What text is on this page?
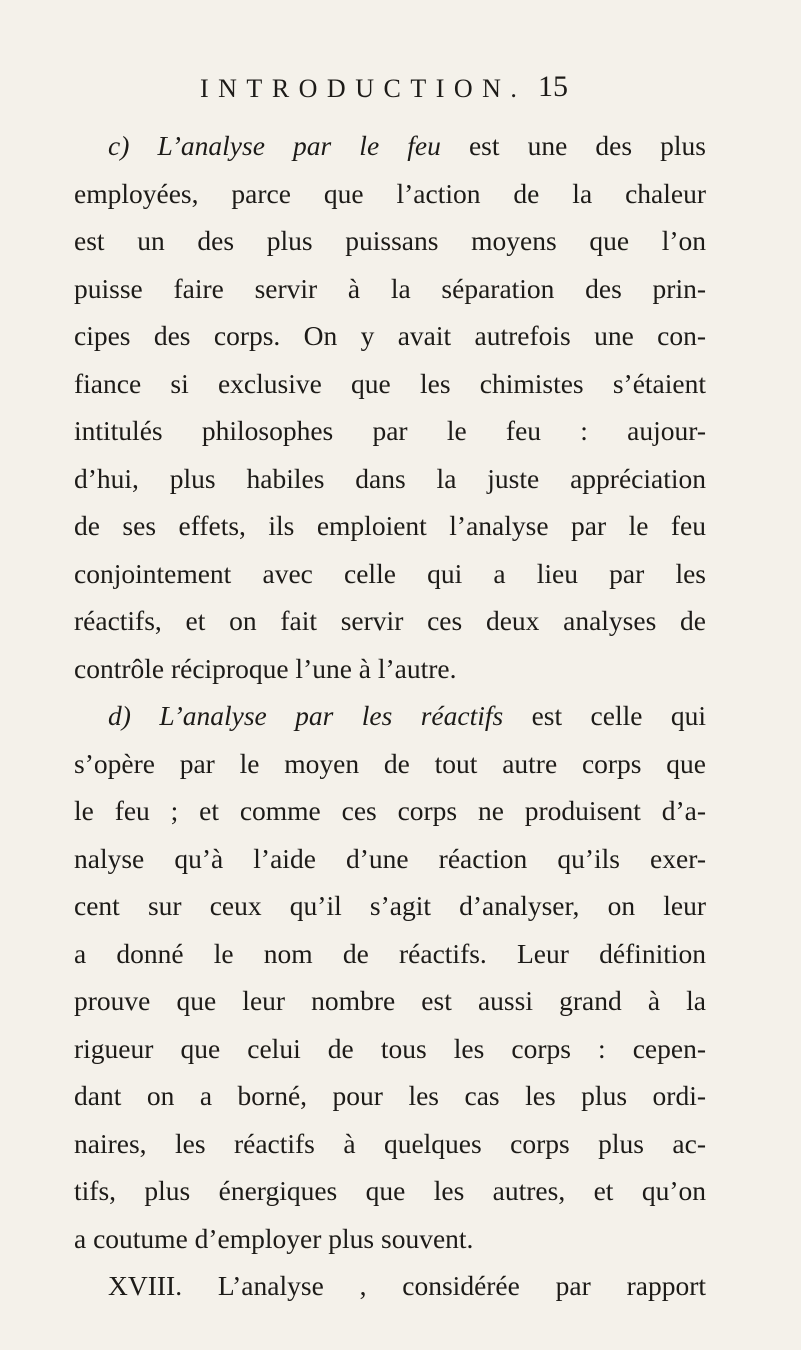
INTRODUCTION. 15
c) L’analyse par le feu est une des plus
employées, parce que l’action de la chaleur
est un des plus puissans moyens que l’on
puisse faire servir à la séparation des prin-
cipes des corps. On y avait autrefois une con-
fiance si exclusive que les chimistes s’étaient
intitulés philosophes par le feu : aujour-
d’hui, plus habiles dans la juste appréciation
de ses effets, ils emploient l’analyse par le feu
conjointement avec celle qui a lieu par les
réactifs, et on fait servir ces deux analyses de
contrôle réciproque l’une à l’autre.
d) L’analyse par les réactifs est celle qui
s’opère par le moyen de tout autre corps que
le feu ; et comme ces corps ne produisent d’a-
nalyse qu’à l’aide d’une réaction qu’ils exer-
cent sur ceux qu’il s’agit d’analyser, on leur
a donné le nom de réactifs. Leur définition
prouve que leur nombre est aussi grand à la
rigueur que celui de tous les corps : cepen-
dant on a borné, pour les cas les plus ordi-
naires, les réactifs à quelques corps plus ac-
tifs, plus énergiques que les autres, et qu’on
a coutume d’employer plus souvent.
XVIII. L’analyse , considérée par rapport
